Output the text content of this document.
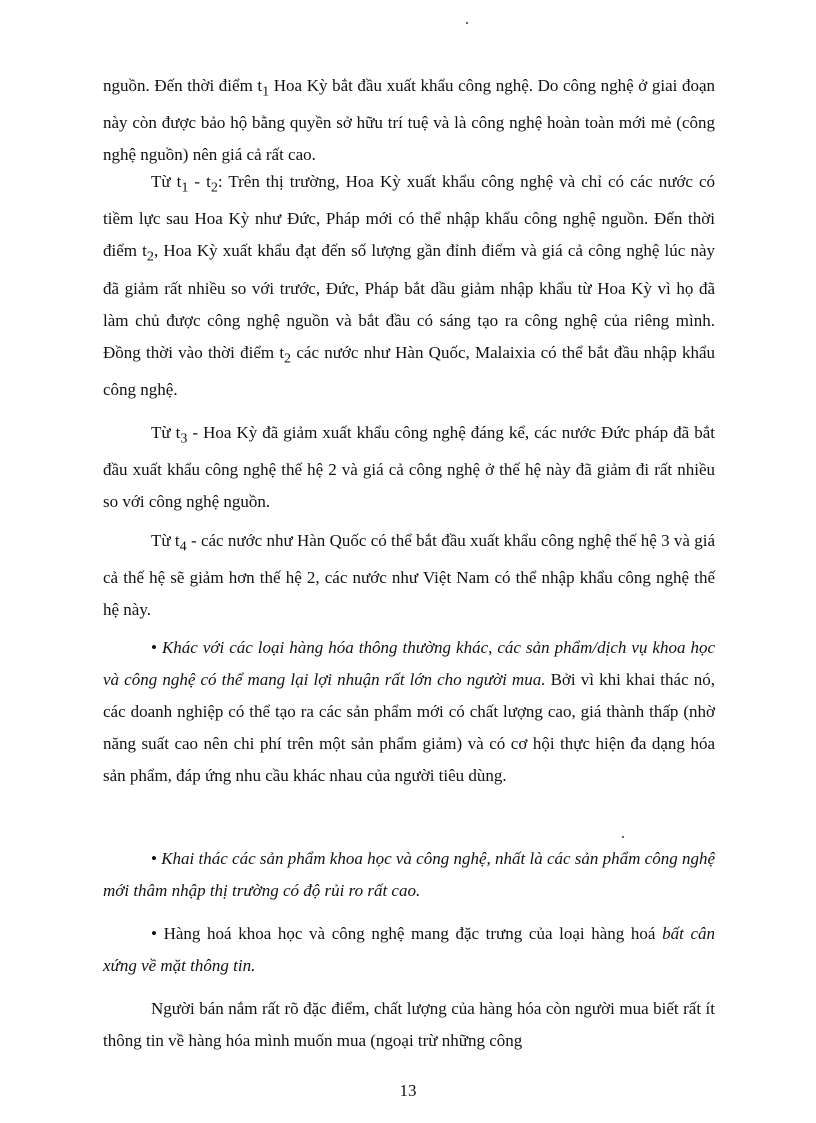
nguồn. Đến thời điểm $t_1$ Hoa Kỳ bắt đầu xuất khẩu công nghệ. Do công nghệ ở giai đoạn này còn được bảo hộ bằng quyền sở hữu trí tuệ và là công nghệ hoàn toàn mới mẻ (công nghệ nguồn) nên giá cả rất cao.

Từ $t_1 - t_2$: Trên thị trường, Hoa Kỳ xuất khẩu công nghệ và chỉ có các nước có tiềm lực sau Hoa Kỳ như Đức, Pháp mới có thể nhập khẩu công nghệ nguồn. Đến thời điểm $t_2$, Hoa Kỳ xuất khẩu đạt đến số lượng gần đỉnh điểm và giá cả công nghệ lúc này đã giảm rất nhiều so với trước, Đức, Pháp bắt dầu giảm nhập khẩu từ Hoa Kỳ vì họ đã làm chủ được công nghệ nguồn và bắt đầu có sáng tạo ra công nghệ của riêng mình. Đồng thời vào thời điểm $t_2$ các nước như Hàn Quốc, Malaixia có thể bắt đầu nhập khẩu công nghệ.

Từ $t_3$ - Hoa Kỳ đã giảm xuất khẩu công nghệ đáng kể, các nước Đức pháp đã bắt đầu xuất khẩu công nghệ thế hệ 2 và giá cả công nghệ ở thế hệ này đã giảm đi rất nhiều so với công nghệ nguồn.

Từ $t_4$ - các nước như Hàn Quốc có thể bắt đầu xuất khẩu công nghệ thế hệ 3 và giá cả thế hệ sẽ giảm hơn thế hệ 2, các nước như Việt Nam có thể nhập khẩu công nghệ thế hệ này.

• Khác với các loại hàng hóa thông thường khác, các sản phẩm/dịch vụ khoa học và công nghệ có thể mang lại lợi nhuận rất lớn cho người mua. Bởi vì khi khai thác nó, các doanh nghiệp có thể tạo ra các sản phẩm mới có chất lượng cao, giá thành thấp (nhờ năng suất cao nên chi phí trên một sản phẩm giảm) và có cơ hội thực hiện đa dạng hóa sản phẩm, đáp ứng nhu cầu khác nhau của người tiêu dùng.

• Khai thác các sản phẩm khoa học và công nghệ, nhất là các sản phẩm công nghệ mới thâm nhập thị trường có độ rủi ro rất cao.

• Hàng hoá khoa học và công nghệ mang đặc trưng của loại hàng hoá bất cân xứng về mặt thông tin.

Người bán nắm rất rõ đặc điểm, chất lượng của hàng hóa còn người mua biết rất ít thông tin về hàng hóa mình muốn mua (ngoại trừ những công

13
